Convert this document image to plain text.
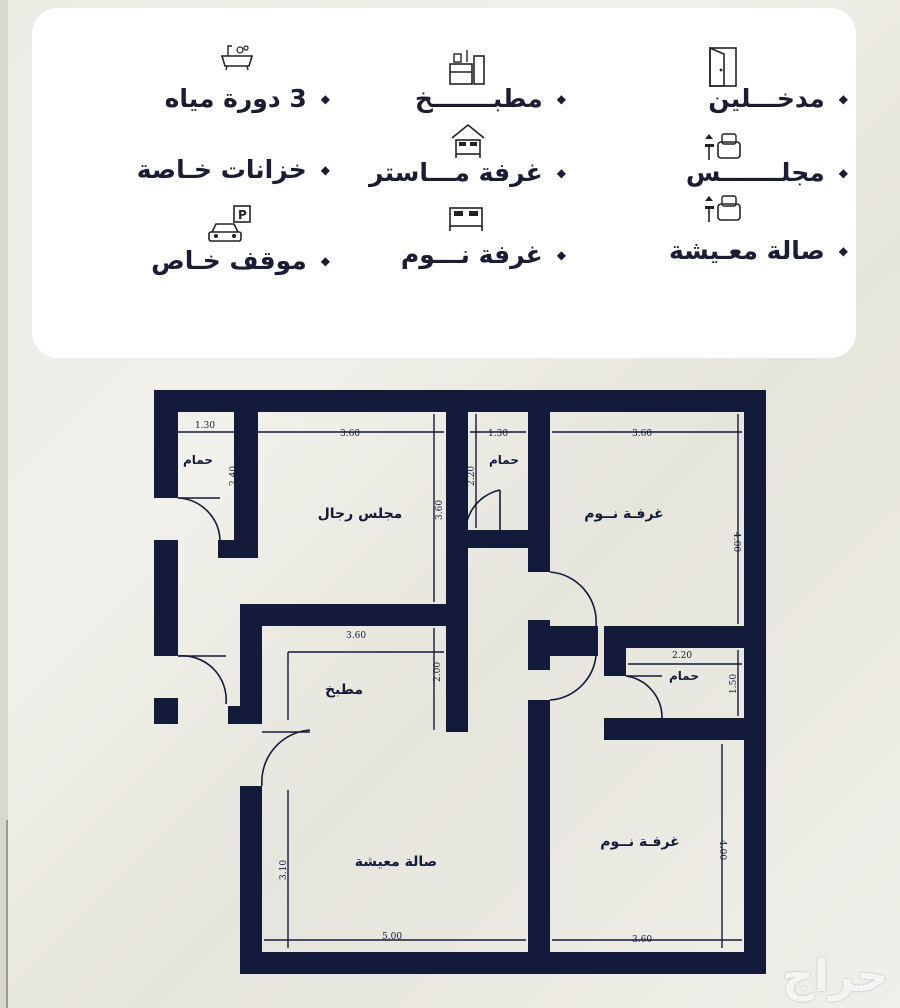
◆
مدخـــلين
◆
مجلـــــــس
◆
صالة معـيشة
◆
مطبـــــــخ
◆
غرفة مـــاستر
◆
غرفة نـــوم
◆
3 دورة مياه
◆
خزانات خـاصة
◆
موقف خـاص
P
مجلس رجال
مطبخ
صالة معيشة
غرفـة نــوم
غرفـة نــوم
حمام	حمام
حمام
1.30
3.60
2.40
3.60
1.30
2.20
3.60
4.00
3.60
2.00
2.20
1.50
3.10
5.00	3.60
4.00
حراج
